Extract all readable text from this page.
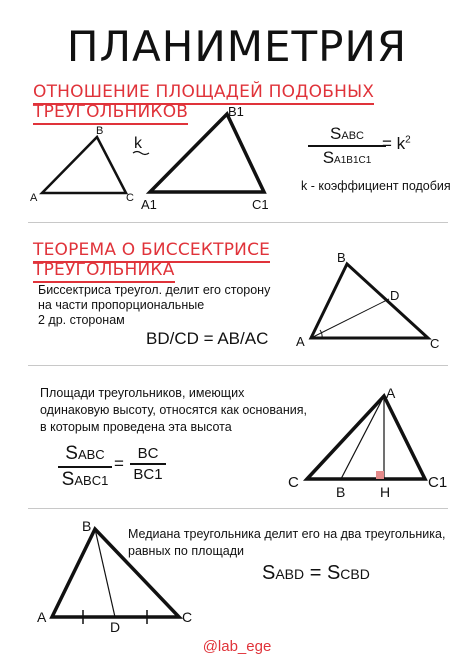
ПЛАНИМЕТРИЯ
ОТНОШЕНИЕ ПЛОЩАДЕЙ ПОДОБНЫХ
ТРЕУГОЛЬНИКОВ
A
B
C
k
A1
B1
C1
SABC
SA1B1C1
= $k^2$
k - коэффициент подобия
ТЕОРЕМА О БИССЕКТРИСЕ
ТРЕУГОЛЬНИКА
Биссектриса треугол. делит его сторону
на части пропорциональные
2 др. сторонам
BD/CD = AB/AC A
B
C
D
Площади треугольников, имеющих
одинаковую высоту, относятся как основания,
в которым проведена эта высота
SABC
SABC1
=
BC
BC1
A
B
C	C1
H
Медиана треугольника делит его на два треугольника,
равных по площади
SABD = SCBD
A
B
C
D
@lab_ege
